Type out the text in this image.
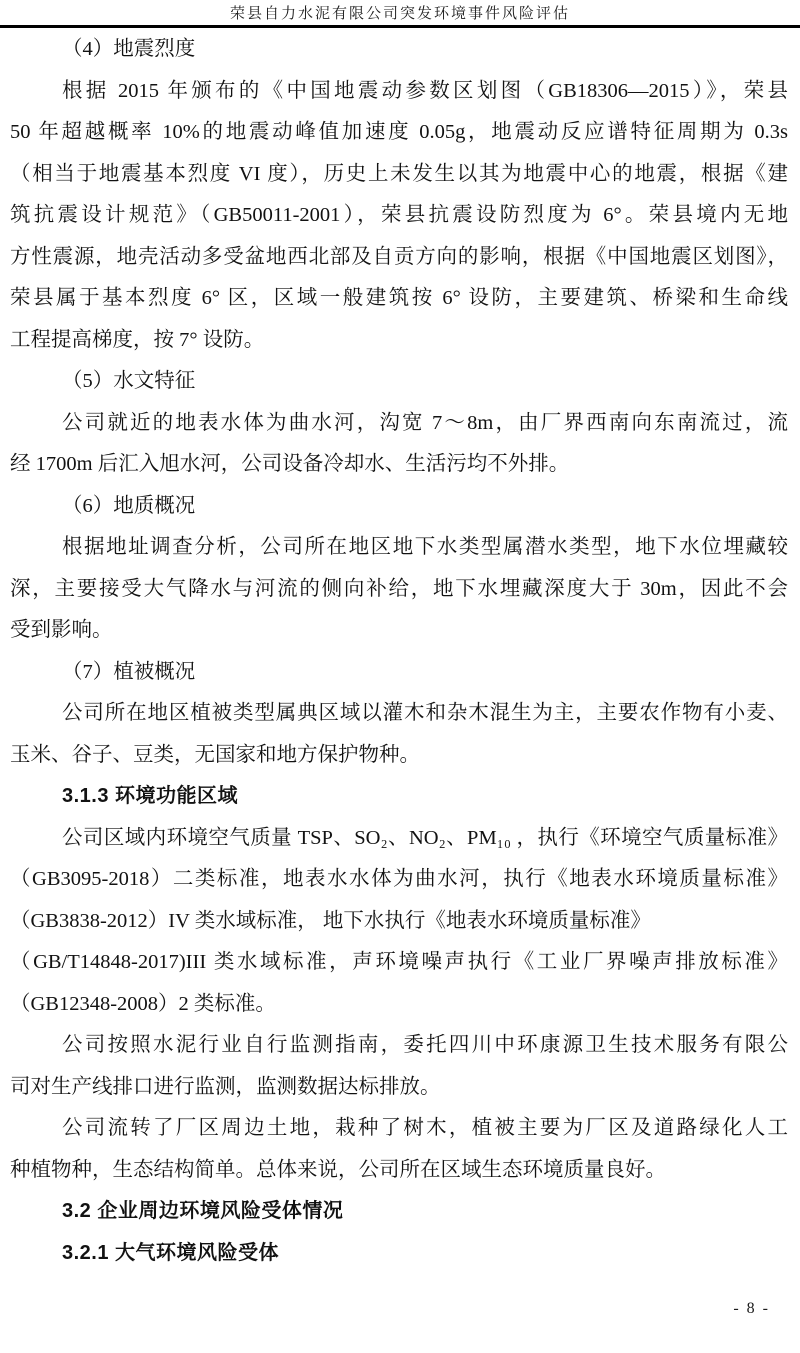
荣县自力水泥有限公司突发环境事件风险评估
（4）地震烈度
根据 2015 年颁布的《中国地震动参数区划图（GB18306—2015）》，荣县
50 年超越概率 10%的地震动峰值加速度 0.05g，地震动反应谱特征周期为 0.3s
（相当于地震基本烈度 VI 度），历史上未发生以其为地震中心的地震，根据《建
筑抗震设计规范》（GB50011-2001），荣县抗震设防烈度为 6°。荣县境内无地
方性震源，地壳活动多受盆地西北部及自贡方向的影响，根据《中国地震区划图》，
荣县属于基本烈度 6° 区，区域一般建筑按 6° 设防，主要建筑、桥梁和生命线
工程提高梯度，按 7° 设防。
（5）水文特征
公司就近的地表水体为曲水河，沟宽 7～8m，由厂界西南向东南流过，流
经 1700m 后汇入旭水河，公司设备冷却水、生活污均不外排。
（6）地质概况
根据地址调查分析，公司所在地区地下水类型属潜水类型，地下水位埋藏较
深，主要接受大气降水与河流的侧向补给，地下水埋藏深度大于 30m，因此不会
受到影响。
（7）植被概况
公司所在地区植被类型属典区域以灌木和杂木混生为主，主要农作物有小麦、
玉米、谷子、豆类，无国家和地方保护物种。
3.1.3 环境功能区域
公司区域内环境空气质量 TSP、SO₂、NO₂、PM₁₀ ，执行《环境空气质量标准》
（GB3095-2018）二类标准，地表水水体为曲水河，执行《地表水环境质量标准》
（GB3838-2012）IV 类水域标准， 地下水执行《地表水环境质量标准》
（GB/T14848-2017)III 类水域标准，声环境噪声执行《工业厂界噪声排放标准》
（GB12348-2008）2 类标准。
公司按照水泥行业自行监测指南，委托四川中环康源卫生技术服务有限公
司对生产线排口进行监测，监测数据达标排放。
公司流转了厂区周边土地，栽种了树木，植被主要为厂区及道路绿化人工
种植物种，生态结构简单。总体来说，公司所在区域生态环境质量良好。
3.2 企业周边环境风险受体情况
3.2.1 大气环境风险受体
- 8 -
